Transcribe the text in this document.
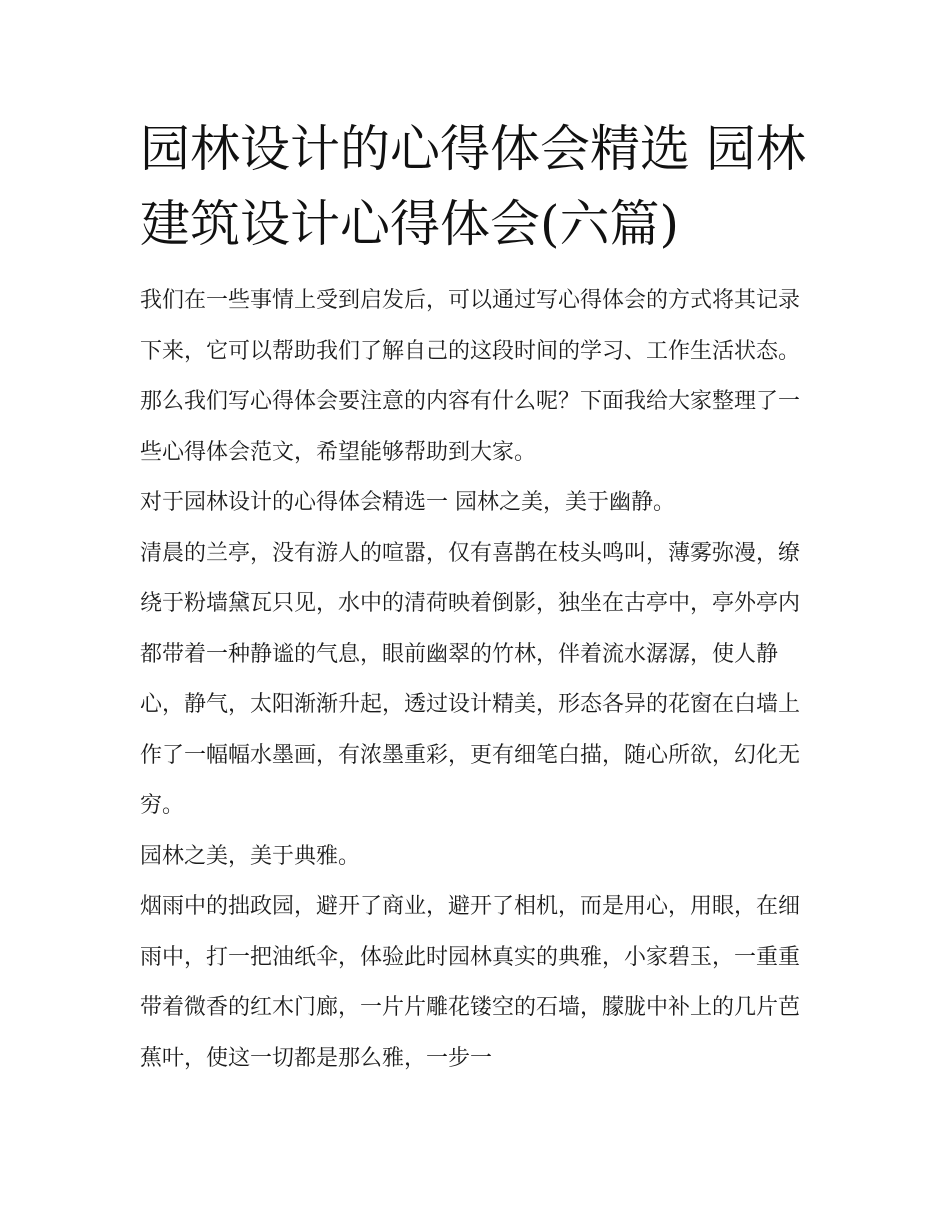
园林设计的心得体会精选 园林建筑设计心得体会(六篇)

我们在一些事情上受到启发后，可以通过写心得体会的方式将其记录下来，它可以帮助我们了解自己的这段时间的学习、工作生活状态。那么我们写心得体会要注意的内容有什么呢？下面我给大家整理了一些心得体会范文，希望能够帮助到大家。

对于园林设计的心得体会精选一 园林之美，美于幽静。

清晨的兰亭，没有游人的喧嚣，仅有喜鹊在枝头鸣叫，薄雾弥漫，缭绕于粉墙黛瓦只见，水中的清荷映着倒影，独坐在古亭中，亭外亭内都带着一种静谧的气息，眼前幽翠的竹林，伴着流水潺潺，使人静心，静气，太阳渐渐升起，透过设计精美，形态各异的花窗在白墙上作了一幅幅水墨画，有浓墨重彩，更有细笔白描，随心所欲，幻化无穷。

园林之美，美于典雅。

烟雨中的拙政园，避开了商业，避开了相机，而是用心，用眼，在细雨中，打一把油纸伞，体验此时园林真实的典雅，小家碧玉，一重重带着微香的红木门廊，一片片雕花镂空的石墙，朦胧中补上的几片芭蕉叶，使这一切都是那么雅，一步一
